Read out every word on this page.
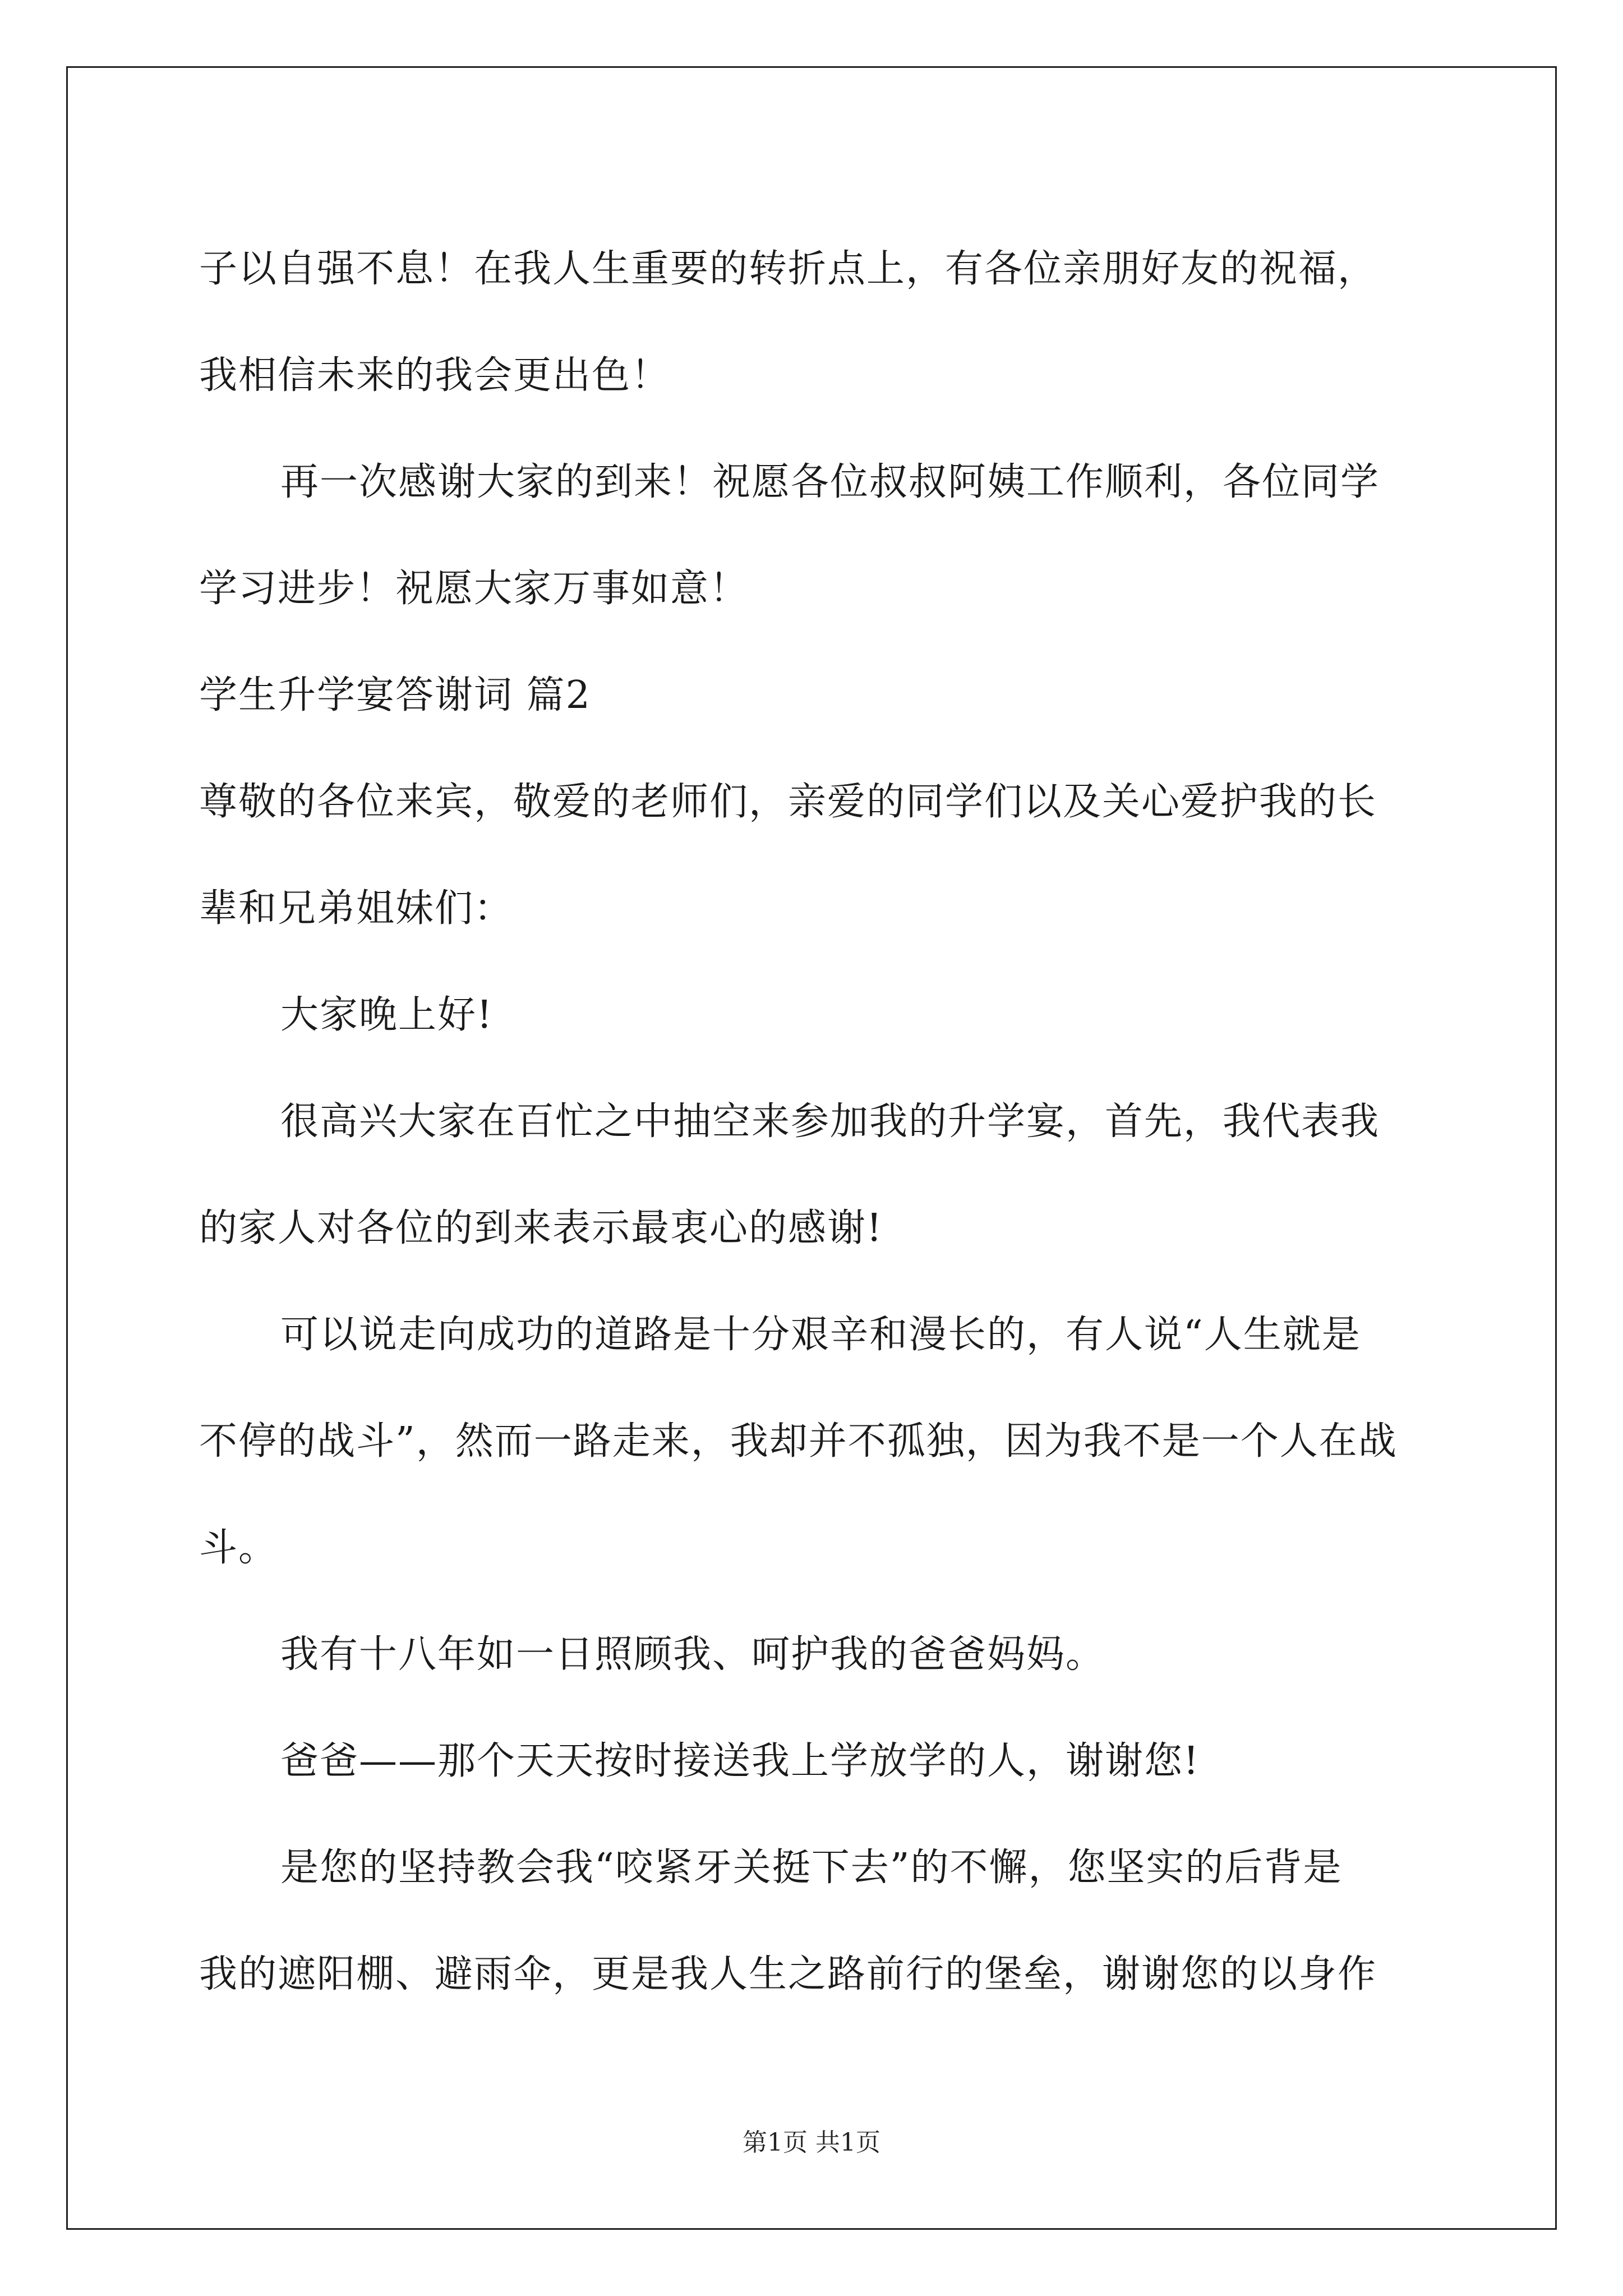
子以自强不息！在我人生重要的转折点上，有各位亲朋好友的祝福，
我相信未来的我会更出色！
再一次感谢大家的到来！祝愿各位叔叔阿姨工作顺利，各位同学
学习进步！祝愿大家万事如意！
学生升学宴答谢词 篇2
尊敬的各位来宾，敬爱的老师们，亲爱的同学们以及关心爱护我的长
辈和兄弟姐妹们：
大家晚上好!
很高兴大家在百忙之中抽空来参加我的升学宴，首先，我代表我
的家人对各位的到来表示最衷心的感谢!
可以说走向成功的道路是十分艰辛和漫长的，有人说“人生就是
不停的战斗”，然而一路走来，我却并不孤独，因为我不是一个人在战
斗。
我有十八年如一日照顾我、呵护我的爸爸妈妈。
爸爸——那个天天按时接送我上学放学的人，谢谢您!
是您的坚持教会我“咬紧牙关挺下去”的不懈，您坚实的后背是
我的遮阳棚、避雨伞，更是我人生之路前行的堡垒，谢谢您的以身作
第1页 共1页
